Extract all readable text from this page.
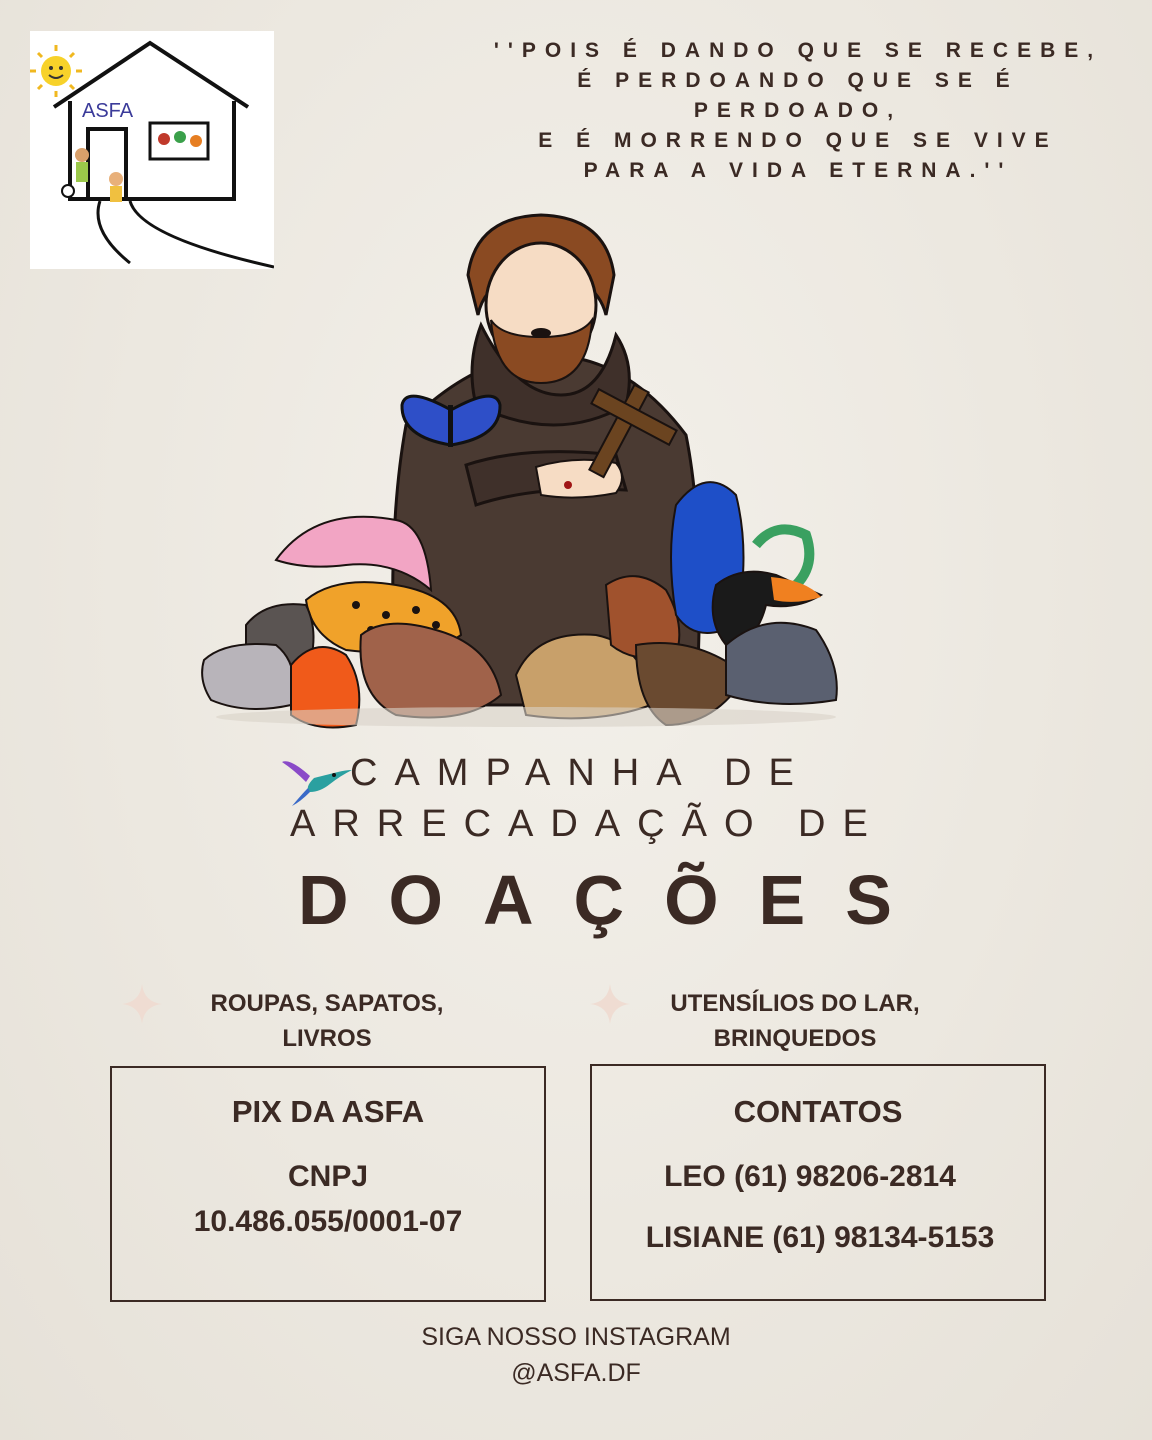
ASFA
''POIS É DANDO QUE SE RECEBE,
É PERDOANDO QUE SE É
PERDOADO,
E É MORRENDO QUE SE VIVE
PARA A VIDA ETERNA.''
CAMPANHA DE
ARRECADAÇÃO DE
DOAÇÕES
ROUPAS, SAPATOS,
LIVROS
UTENSÍLIOS DO LAR,
BRINQUEDOS
PIX DA ASFA
CNPJ
10.486.055/0001-07
CONTATOS
LEO (61) 98206-2814
LISIANE (61) 98134-5153
SIGA NOSSO INSTAGRAM
@ASFA.DF
